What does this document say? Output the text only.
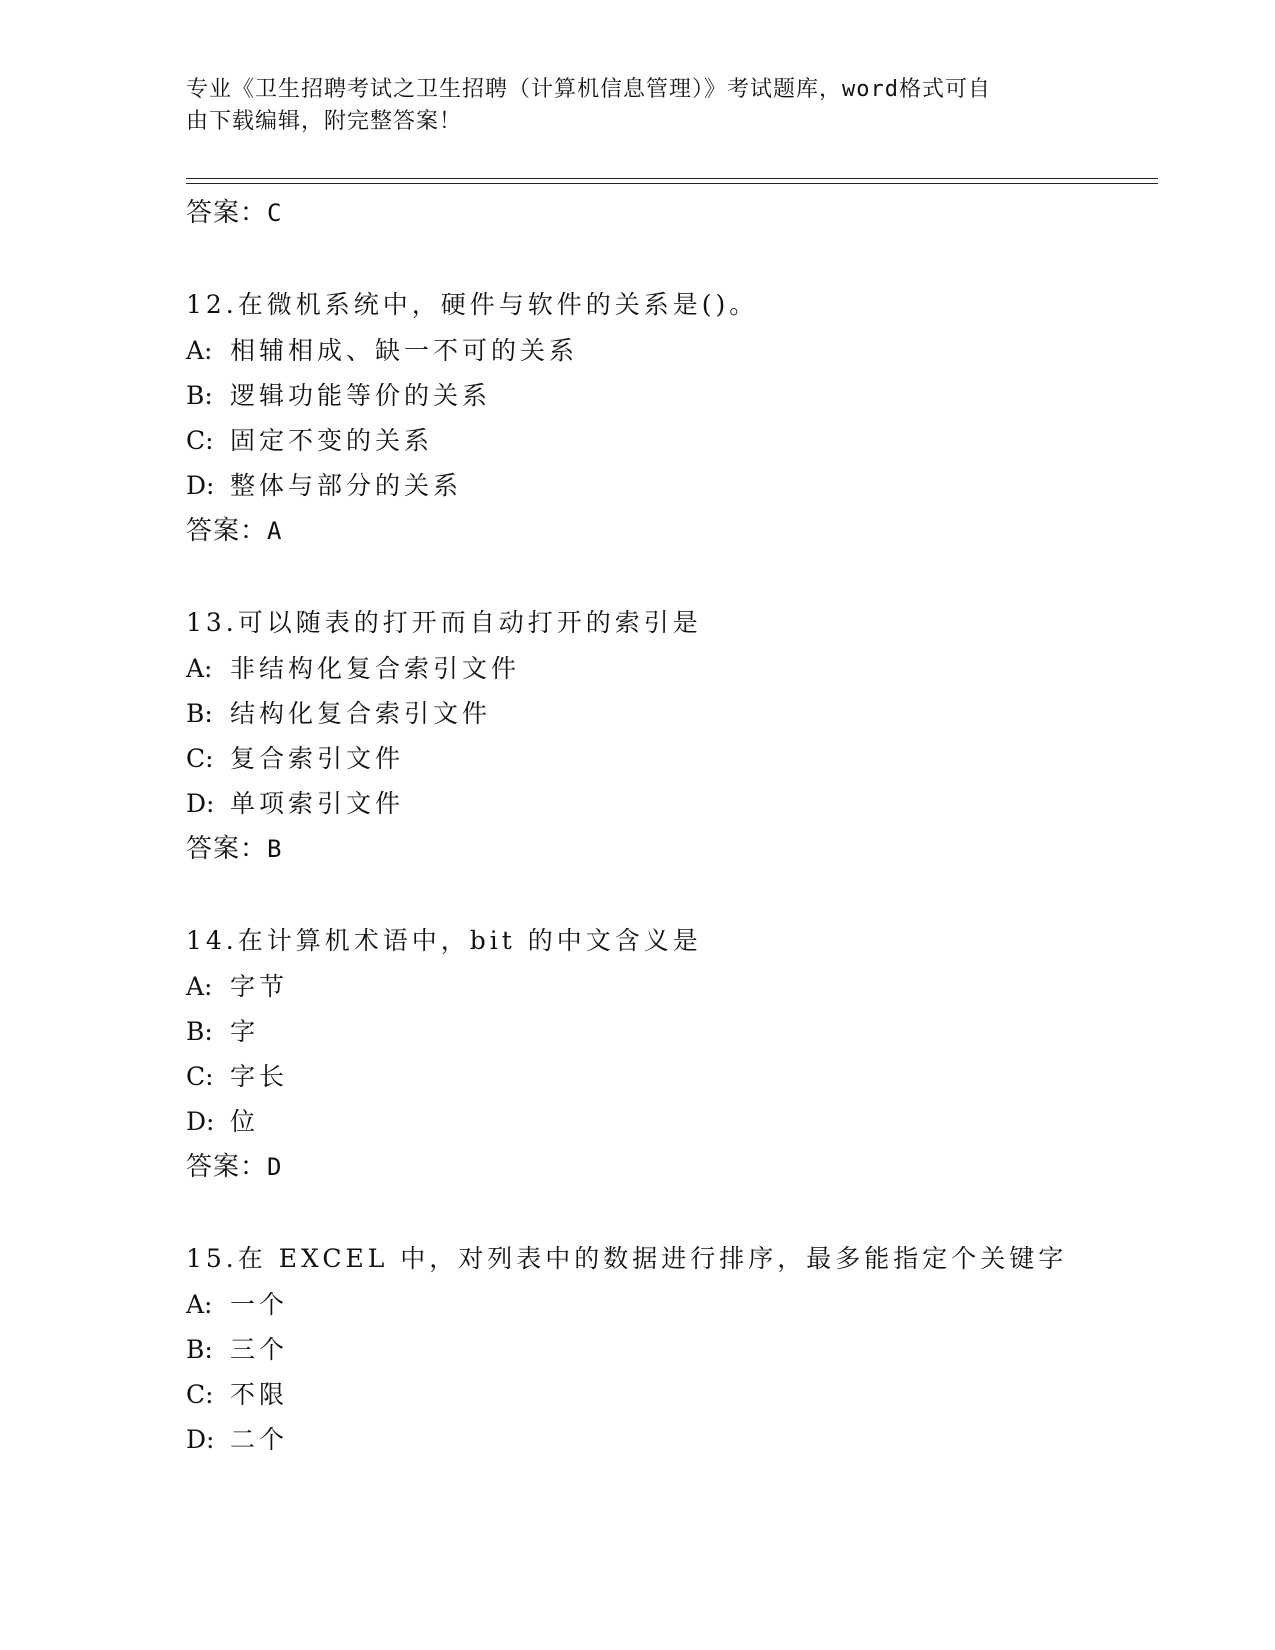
专业《卫生招聘考试之卫生招聘（计算机信息管理）》考试题库，word格式可自
由下载编辑，附完整答案！
答案：C
12.在微机系统中，硬件与软件的关系是()。
A: 相辅相成、缺一不可的关系
B: 逻辑功能等价的关系
C: 固定不变的关系
D: 整体与部分的关系
答案：A
13.可以随表的打开而自动打开的索引是
A: 非结构化复合索引文件
B: 结构化复合索引文件
C: 复合索引文件
D: 单项索引文件
答案：B
14.在计算机术语中，bit 的中文含义是
A: 字节
B: 字
C: 字长
D: 位
答案：D
15.在 EXCEL 中，对列表中的数据进行排序，最多能指定个关键字
A: 一个
B: 三个
C: 不限
D: 二个
